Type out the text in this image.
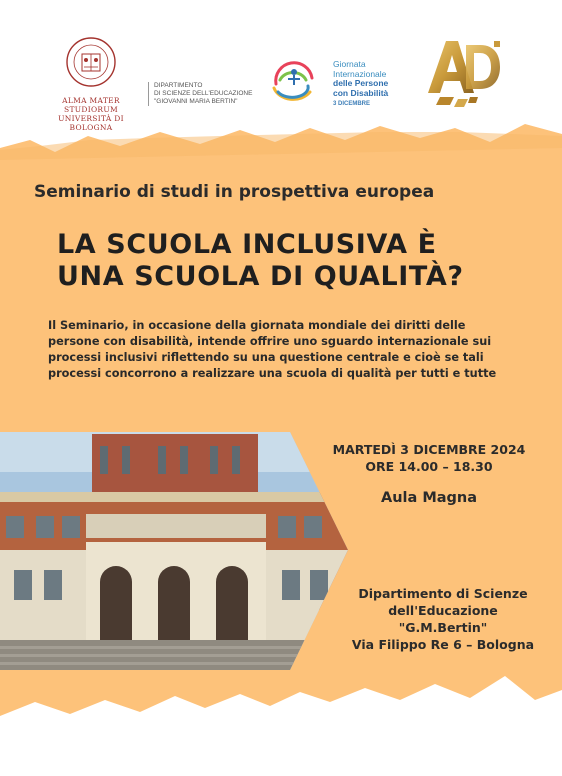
ALMA MATER STUDIORUM
UNIVERSITÀ DI BOLOGNA
DIPARTIMENTO
DI SCIENZE DELL'EDUCAZIONE
"GIOVANNI MARIA BERTIN"
Giornata
Internazionale
delle Persone
con Disabilità
3 DICEMBRE
Seminario di studi in prospettiva europea
LA SCUOLA INCLUSIVA È
UNA SCUOLA DI QUALITÀ?
Il Seminario, in occasione della giornata mondiale dei diritti delle
persone con disabilità, intende offrire uno sguardo internazionale sui
processi inclusivi riflettendo su una questione centrale e cioè se tali
processi concorrono a realizzare una scuola di qualità per tutti e tutte
MARTEDÌ 3 DICEMBRE 2024
ORE 14.00 – 18.30
Aula Magna
Dipartimento di Scienze
dell'Educazione
"G.M.Bertin"
Via Filippo Re 6 – Bologna
